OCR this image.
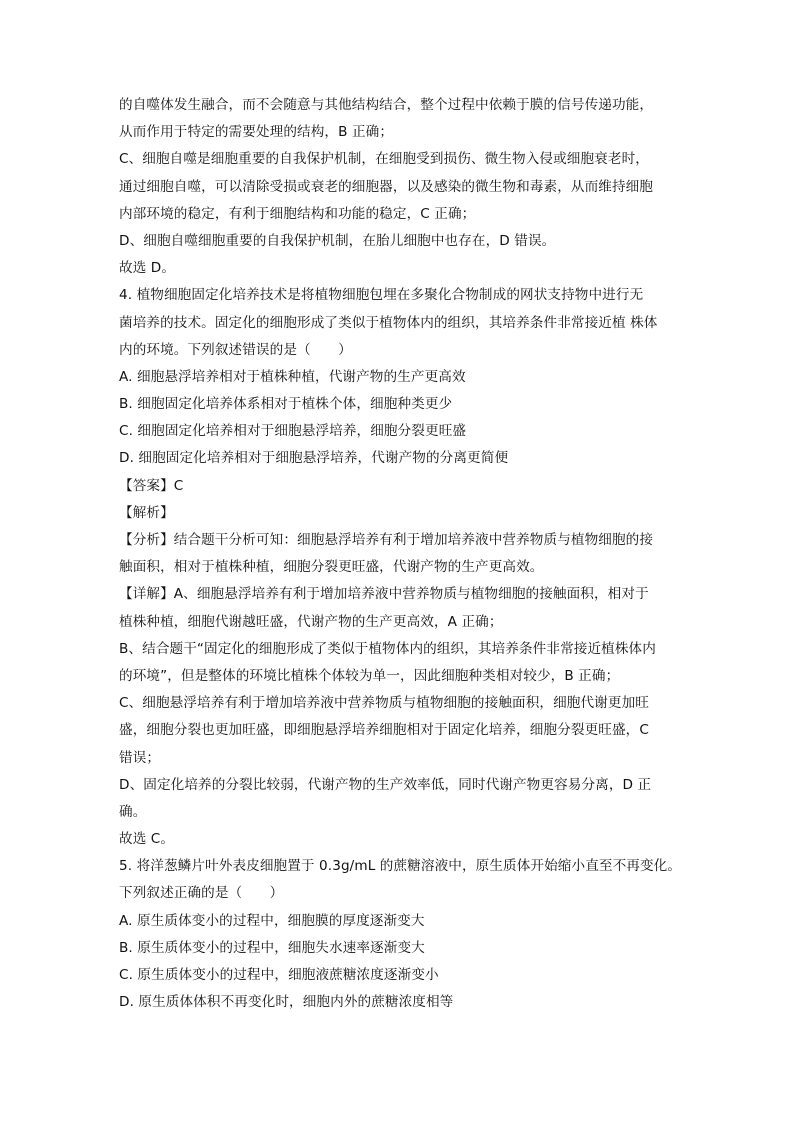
的自噬体发生融合，而不会随意与其他结构结合，整个过程中依赖于膜的信号传递功能，
从而作用于特定的需要处理的结构，B 正确；
C、细胞自噬是细胞重要的自我保护机制，在细胞受到损伤、微生物入侵或细胞衰老时，
通过细胞自噬，可以清除受损或衰老的细胞器，以及感染的微生物和毒素，从而维持细胞
内部环境的稳定，有利于细胞结构和功能的稳定，C 正确；
D、细胞自噬细胞重要的自我保护机制，在胎儿细胞中也存在，D 错误。
故选 D。
4. 植物细胞固定化培养技术是将植物细胞包埋在多聚化合物制成的网状支持物中进行无
菌培养的技术。固定化的细胞形成了类似于植物体内的组织，其培养条件非常接近植 株体
内的环境。下列叙述错误的是（　　）
A. 细胞悬浮培养相对于植株种植，代谢产物的生产更高效
B. 细胞固定化培养体系相对于植株个体，细胞种类更少
C. 细胞固定化培养相对于细胞悬浮培养，细胞分裂更旺盛
D. 细胞固定化培养相对于细胞悬浮培养，代谢产物的分离更简便
【答案】C
【解析】
【分析】结合题干分析可知：细胞悬浮培养有利于增加培养液中营养物质与植物细胞的接
触面积，相对于植株种植，细胞分裂更旺盛，代谢产物的生产更高效。
【详解】A、细胞悬浮培养有利于增加培养液中营养物质与植物细胞的接触面积，相对于
植株种植，细胞代谢越旺盛，代谢产物的生产更高效，A 正确；
B、结合题干“固定化的细胞形成了类似于植物体内的组织，其培养条件非常接近植株体内
的环境”，但是整体的环境比植株个体较为单一，因此细胞种类相对较少，B 正确；
C、细胞悬浮培养有利于增加培养液中营养物质与植物细胞的接触面积，细胞代谢更加旺
盛，细胞分裂也更加旺盛，即细胞悬浮培养细胞相对于固定化培养，细胞分裂更旺盛，C
错误；
D、固定化培养的分裂比较弱，代谢产物的生产效率低，同时代谢产物更容易分离，D 正
确。
故选 C。
5. 将洋葱鳞片叶外表皮细胞置于 0.3g/mL 的蔗糖溶液中，原生质体开始缩小直至不再变化。
下列叙述正确的是（　　）
A. 原生质体变小的过程中，细胞膜的厚度逐渐变大
B. 原生质体变小的过程中，细胞失水速率逐渐变大
C. 原生质体变小的过程中，细胞液蔗糖浓度逐渐变小
D. 原生质体体积不再变化时，细胞内外的蔗糖浓度相等
